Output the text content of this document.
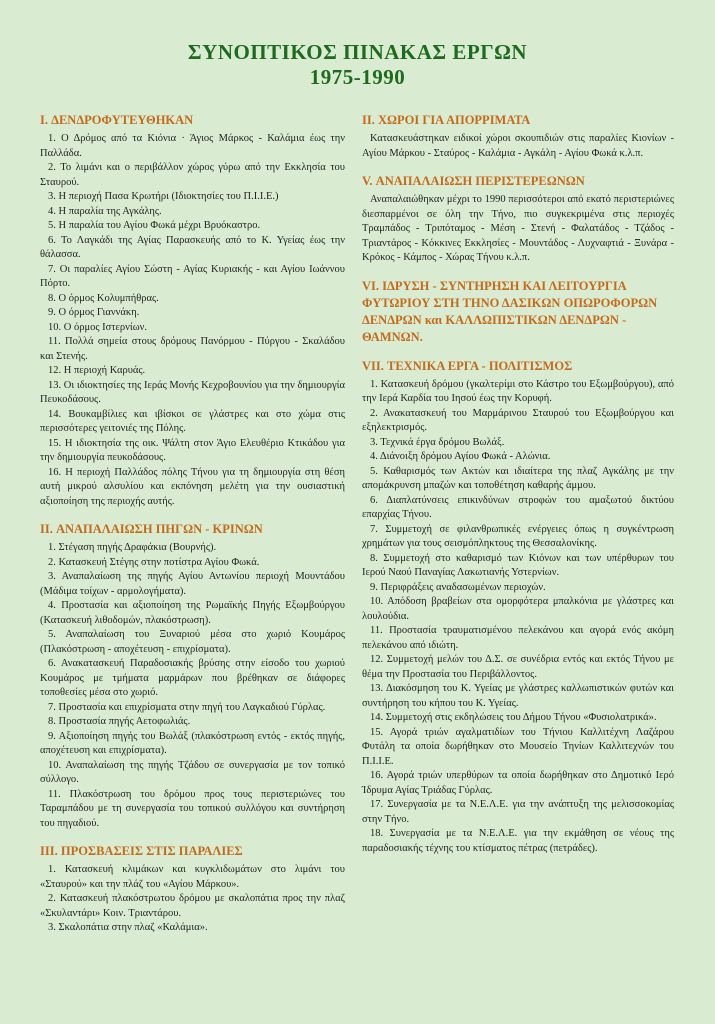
ΣΥΝΟΠΤΙΚΟΣ ΠΙΝΑΚΑΣ ΕΡΓΩΝ
1975-1990
I. ΔΕΝΔΡΟΦΥΤΕΥΘΗΚΑΝ

1. Ο Δρόμος από τα Κιόνια · Άγιος Μάρκος - Καλάμια έως την Παλλάδα.

2. Το λιμάνι και ο περιβάλλον χώρος γύρω από την Εκκλησία του Σταυρού.

3. Η περιοχή Πασα Κρωτήρι (Ιδιοκτησίες του Π.Ι.Ι.Ε.)

4. Η παραλία της Αγκάλης.

5. Η παραλία του Αγίου Φωκά μέχρι Βρυόκαστρο.

6. Το Λαγκάδι της Αγίας Παρασκευής από το Κ. Υγείας έως την θάλασσα.

7. Οι παραλίες Αγίου Σώστη - Αγίας Κυριακής - και Αγίου Ιωάννου Πόρτο.

8. Ο όρμος Κολυμπήθρας.

9. Ο όρμος Γιαννάκη.

10. Ο όρμος Ιστερνίων.

11. Πολλά σημεία στους δρόμους Πανόρμου - Πύργου - Σκαλάδου και Στενής.

12. Η περιοχή Καρυάς.

13. Οι ιδιοκτησίες της Ιεράς Μονής Κεχροβουνίου για την δημιουργία Πευκοδάσους.

14. Βουκαμβίλιες και ιβίσκοι σε γλάστρες και στο χώμα στις περισσότερες γειτονιές της Πόλης.

15. Η ιδιοκτησία της οικ. Ψάλτη στον Άγιο Ελευθέριο Κτικάδου για την δημιουργία πευκοδάσους.

16. Η περιοχή Παλλάδος πόλης Τήνου για τη δημιουργία στη θέση αυτή μικρού αλσυλίου και εκπόνηση μελέτη για την ουσιαστική αξιοποίηση της περιοχής αυτής.

II. ΑΝΑΠΑΛΑΙΩΣΗ ΠΗΓΩΝ - ΚΡΙΝΩΝ

1. Στέγαση πηγής Δραφάκια (Βουρνής).

2. Κατασκευή Στέγης στην ποτίστρα Αγίου Φωκά.

3. Αναπαλαίωση της πηγής Αγίου Αντωνίου περιοχή Μουντάδου (Μάδιμα τοίχων - αρμολογήματα).

4. Προστασία και αξιοποίηση της Ρωμαϊκής Πηγής Εξωμβούργου (Κατασκευή λιθοδομών, πλακόστρωση).

5. Αναπαλαίωση του Ξυναριού μέσα στο χωριό Κουμάρος (Πλακόστρωση - αποχέτευση - επιχρίσματα).

6. Ανακατασκευή Παραδοσιακής βρύσης στην είσοδο του χωριού Κουμάρος με τμήματα μαρμάρων που βρέθηκαν σε διάφορες τοποθεσίες μέσα στο χωριό.

7. Προστασία και επιχρίσματα στην πηγή του Λαγκαδιού Γύρλας.

8. Προστασία πηγής Αετοφωλιάς.

9. Αξιοποίηση πηγής του Βωλάξ (πλακόστρωση εντός - εκτός πηγής, αποχέτευση και επιχρίσματα).

10. Αναπαλαίωση της πηγής Τζάδου σε συνεργασία με τον τοπικό σύλλογο.

11. Πλακόστρωση του δρόμου προς τους περιστεριώνες του Ταραμπάδου με τη συνεργασία του τοπικού συλλόγου και συντήρηση του πηγαδιού.

III. ΠΡΟΣΒΑΣΕΙΣ ΣΤΙΣ ΠΑΡΑΛΙΕΣ

1. Κατασκευή κλιμάκων και κυγκλιδωμάτων στο λιμάνι του «Σταυρού» και την πλάζ του «Αγίου Μάρκου».

2. Κατασκευή πλακόστρωτου δρόμου με σκαλοπάτια προς την πλαζ «Σκυλαντάρι» Κοιν. Τριαντάρου.

3. Σκαλοπάτια στην πλαζ «Καλάμια».

IΙ. ΧΩΡΟΙ ΓΙΑ ΑΠΟΡΡΙΜΑΤΑ

Κατασκευάστηκαν ειδικοί χώροι σκουπιδιών στις παραλίες Κιονίων - Αγίου Μάρκου - Σταύρος - Καλάμια - Αγκάλη - Αγίου Φωκά κ.λ.π.

V. ΑΝΑΠΑΛΑΙΩΣΗ ΠΕΡΙΣΤΕΡΕΩΝΩΝ

Αναπαλαιώθηκαν μέχρι το 1990 περισσότεροι από εκατό περιστεριώνες διεσπαρμένοι σε όλη την Τήνο, πιο συγκεκριμένα στις περιοχές Τραμπάδος - Τριπόταμος - Μέση - Στενή - Φαλατάδος - Τζάδος - Τριαντάρος - Κόκκινες Εκκλησίες - Μουντάδος - Λυχναφτιά - Ξυνάρα - Κρόκος - Κάμπος - Χώρας Τήνου κ.λ.π.

VI. ΙΔΡΥΣΗ - ΣΥΝΤΗΡΗΣΗ ΚΑΙ ΛΕΙΤΟΥΡΓΙΑ ΦΥΤΩΡΙΟΥ ΣΤΗ ΤΗΝΟ ΔΑΣΙΚΩΝ ΟΠΩΡΟΦΟΡΩΝ ΔΕΝΔΡΩΝ και ΚΑΛΛΩΠΙΣΤΙΚΩΝ ΔΕΝΔΡΩΝ - ΘΑΜΝΩΝ.
VII. ΤΕΧΝΙΚΑ ΕΡΓΑ - ΠΟΛΙΤΙΣΜΟΣ

1. Κατασκευή δρόμου (γκαλτερίμι στο Κάστρο του Εξωμβούργου), από την Ιερά Καρδία του Ιησού έως την Κορυφή.

2. Ανακατασκευή του Μαρμάρινου Σταυρού του Εξωμβούργου και εξηλεκτρισμός.

3. Τεχνικά έργα δρόμου Βωλάξ.

4. Διάνοιξη δρόμου Αγίου Φωκά - Αλώνια.

5. Καθαρισμός των Ακτών και ιδιαίτερα της πλαζ Αγκάλης με την απομάκρυνση μπαζών και τοποθέτηση καθαρής άμμου.

6. Διαπλατύνσεις επικινδύνων στροφών του αμαξωτού δικτύου επαρχίας Τήνου.

7. Συμμετοχή σε φιλανθρωπικές ενέργειες όπως η συγκέντρωση χρημάτων για τους σεισμόπληκτους της Θεσσαλονίκης.

8. Συμμετοχή στο καθαρισμό των Κιόνων και των υπέρθυρων του Ιερού Ναού Παναγίας Λακωτιανής Υστερνίων.

9. Περιφράξεις αναδασωμένων περιοχών.

10. Απόδοση βραβείων στα ομορφότερα μπαλκόνια με γλάστρες και λουλούδια.

11. Προστασία τραυματισμένου πελεκάνου και αγορά ενός ακόμη πελεκάνου από ιδιώτη.

12. Συμμετοχή μελών του Δ.Σ. σε συνέδρια εντός και εκτός Τήνου με θέμα την Προστασία του Περιβάλλοντος.

13. Διακόσμηση του Κ. Υγείας με γλάστρες καλλωπιστικών φυτών και συντήρηση του κήπου του Κ. Υγείας.

14. Συμμετοχή στις εκδηλώσεις του Δήμου Τήνου «Φυσιολατρικά».

15. Αγορά τριών αγαλματιδίων του Τήνιου Καλλιτέχνη Λαζάρου Φυτάλη τα οποία δωρήθηκαν στο Μουσείο Τηνίων Καλλιτεχνών του Π.Ι.Ι.Ε.

16. Αγορά τριών υπερθύρων τα οποία δωρήθηκαν στο Δημοτικό Ιερό Ίδρυμα Αγίας Τριάδας Γύρλας.

17. Συνεργασία με τα Ν.Ε.Λ.Ε. για την ανάπτυξη της μελισσοκομίας στην Τήνο.

18. Συνεργασία με τα Ν.Ε.Λ.Ε. για την εκμάθηση σε νέους της παραδοσιακής τέχνης του κτίσματος πέτρας (πετράδες).
